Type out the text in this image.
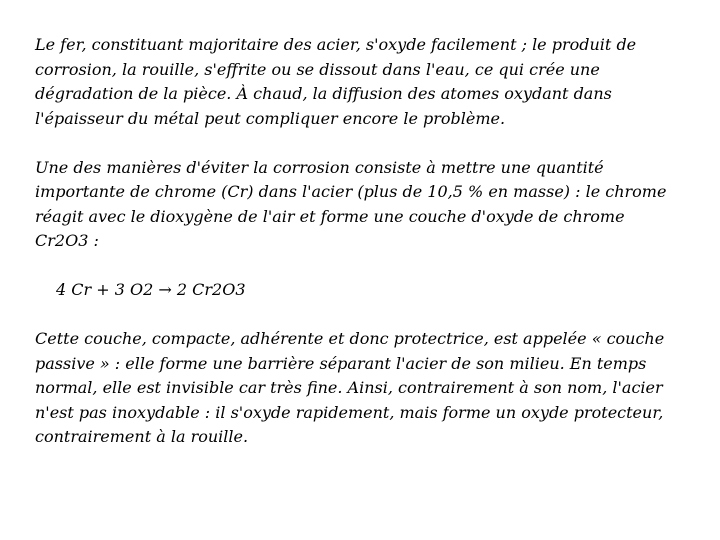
Le fer, constituant majoritaire des acier, s'oxyde facilement ; le produit de corrosion, la rouille, s'effrite ou se dissout dans l'eau, ce qui crée une dégradation de la pièce. À chaud, la diffusion des atomes oxydant dans l'épaisseur du métal peut compliquer encore le problème.

Une des manières d'éviter la corrosion consiste à mettre une quantité importante de chrome (Cr) dans l'acier (plus de 10,5 % en masse) : le chrome réagit avec le dioxygène de l'air et forme une couche d'oxyde de chrome Cr2O3 :

4 Cr + 3 O2 → 2 Cr2O3

Cette couche, compacte, adhérente et donc protectrice, est appelée « couche passive » : elle forme une barrière séparant l'acier de son milieu. En temps normal, elle est invisible car très fine. Ainsi, contrairement à son nom, l'acier n'est pas inoxydable : il s'oxyde rapidement, mais forme un oxyde protecteur, contrairement à la rouille.
